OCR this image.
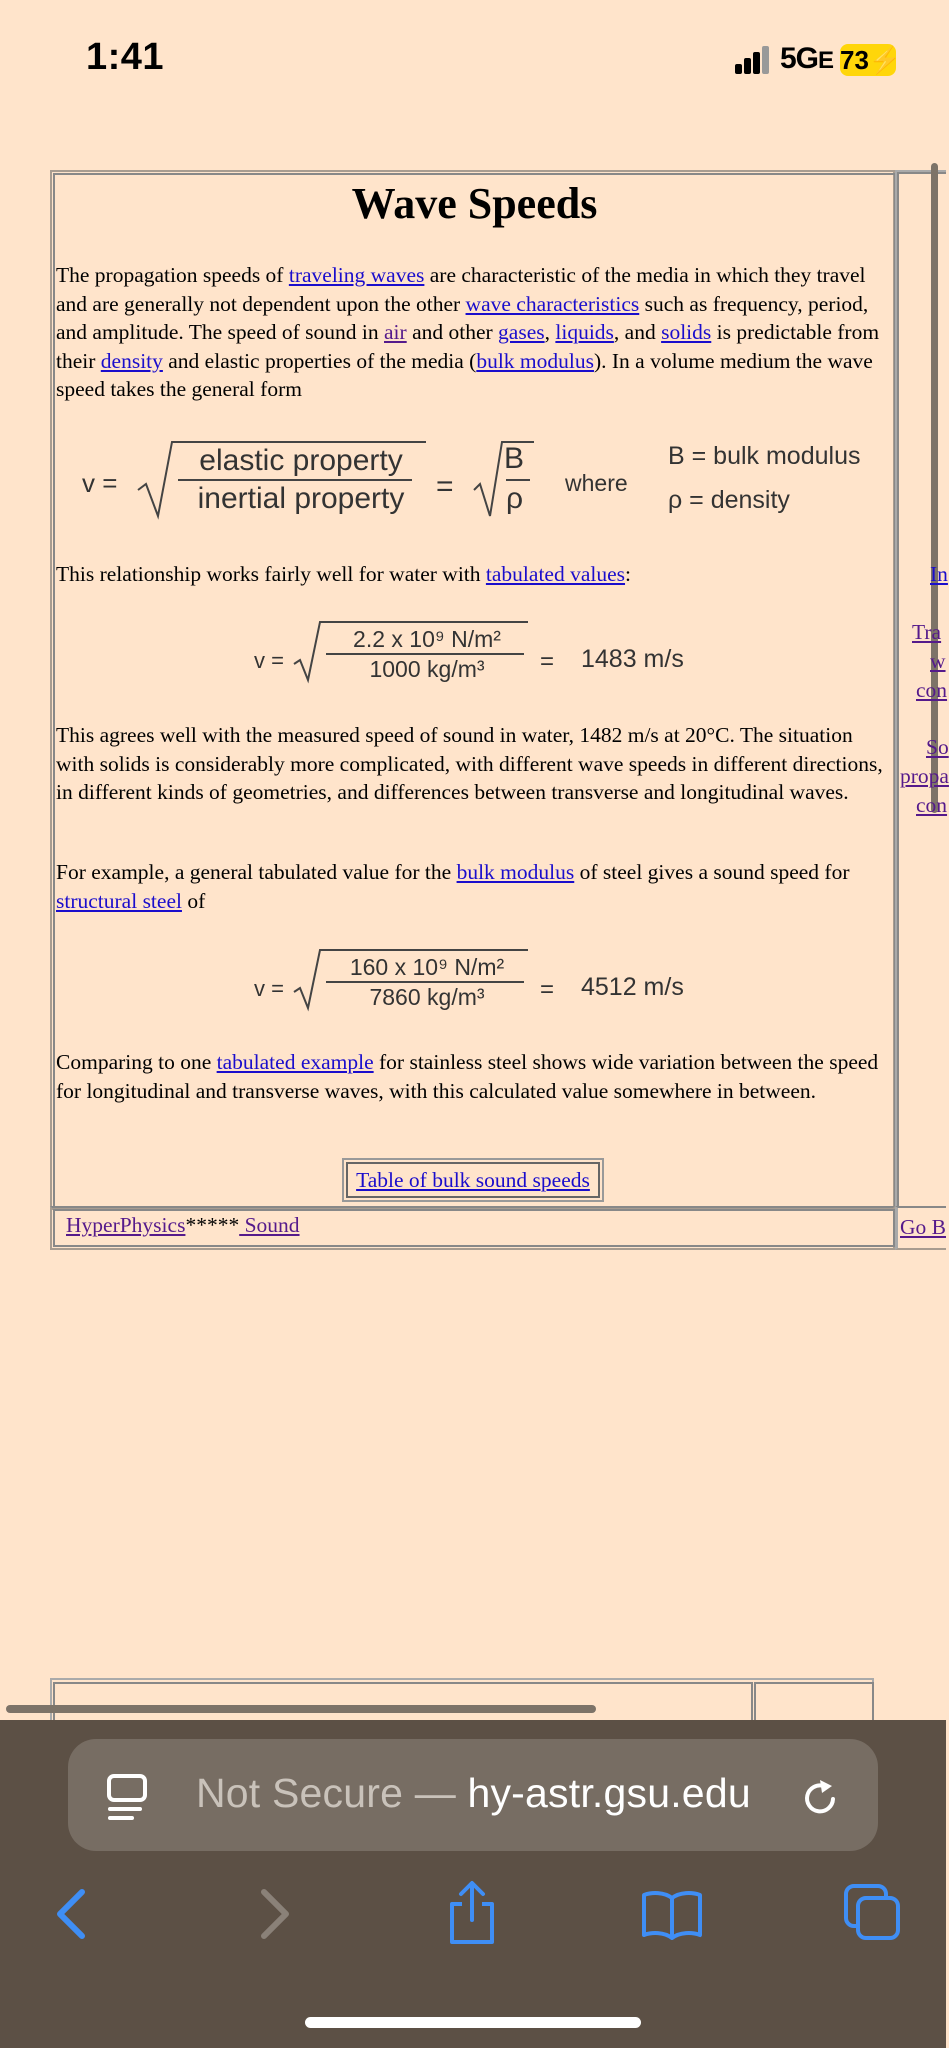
1:41	5GE 73⚡
Wave Speeds
The propagation speeds of traveling waves are characteristic of the media in which they travel and are generally not dependent upon the other wave characteristics such as frequency, period, and amplitude. The speed of sound in air and other gases, liquids, and solids is predictable from their density and elastic properties of the media (bulk modulus). In a volume medium the wave speed takes the general form
v =
elastic property
inertial property	=
B
ρ where
B = bulk modulus
ρ = density
This relationship works fairly well for water with tabulated values:
v =
2.2 x 10⁹ N/m²
1000 kg/m³	= 1483 m/s
This agrees well with the measured speed of sound in water, 1482 m/s at 20°C. The situation with solids is considerably more complicated, with different wave speeds in different directions, in different kinds of geometries, and differences between transverse and longitudinal waves.
For example, a general tabulated value for the bulk modulus of steel gives a sound speed for structural steel of
v =
160 x 10⁹ N/m²
7860 kg/m³	= 4512 m/s
Comparing to one tabulated example for stainless steel shows wide variation between the speed for longitudinal and transverse waves, with this calculated value somewhere in between.
Table of bulk sound speeds
In
Tra
w
con
So
propa
con
HyperPhysics***** Sound	Go B
Not Secure — hy-astr.gsu.edu
